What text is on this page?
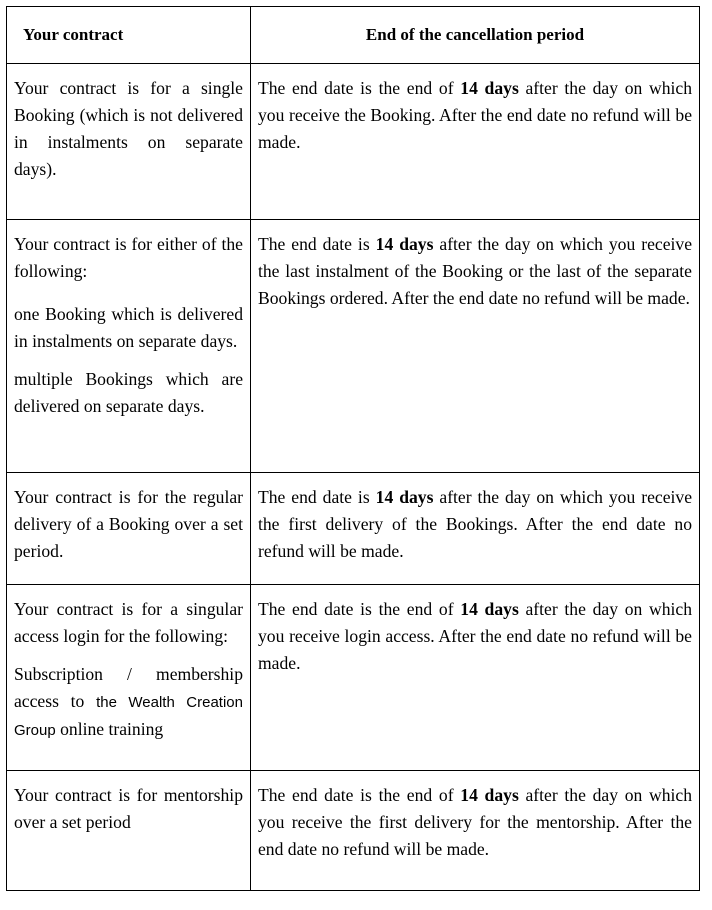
Your contract	End of the cancellation period

Your contract is for a single Booking (which is not delivered in instalments on separate days).	The end date is the end of 14 days after the day on which you receive the Booking. After the end date no refund will be made.

Your contract is for either of the following:

one Booking which is delivered in instalments on separate days.

multiple Bookings which are delivered on separate days.	The end date is 14 days after the day on which you receive the last instalment of the Booking or the last of the separate Bookings ordered. After the end date no refund will be made.

Your contract is for the regular delivery of a Booking over a set period.	The end date is 14 days after the day on which you receive the first delivery of the Bookings. After the end date no refund will be made.

Your contract is for a singular access login for the following:

Subscription / membership access to the Wealth Creation Group online training	The end date is the end of 14 days after the day on which you receive login access. After the end date no refund will be made.

Your contract is for mentorship over a set period	The end date is the end of 14 days after the day on which you receive the first delivery for the mentorship. After the end date no refund will be made.
